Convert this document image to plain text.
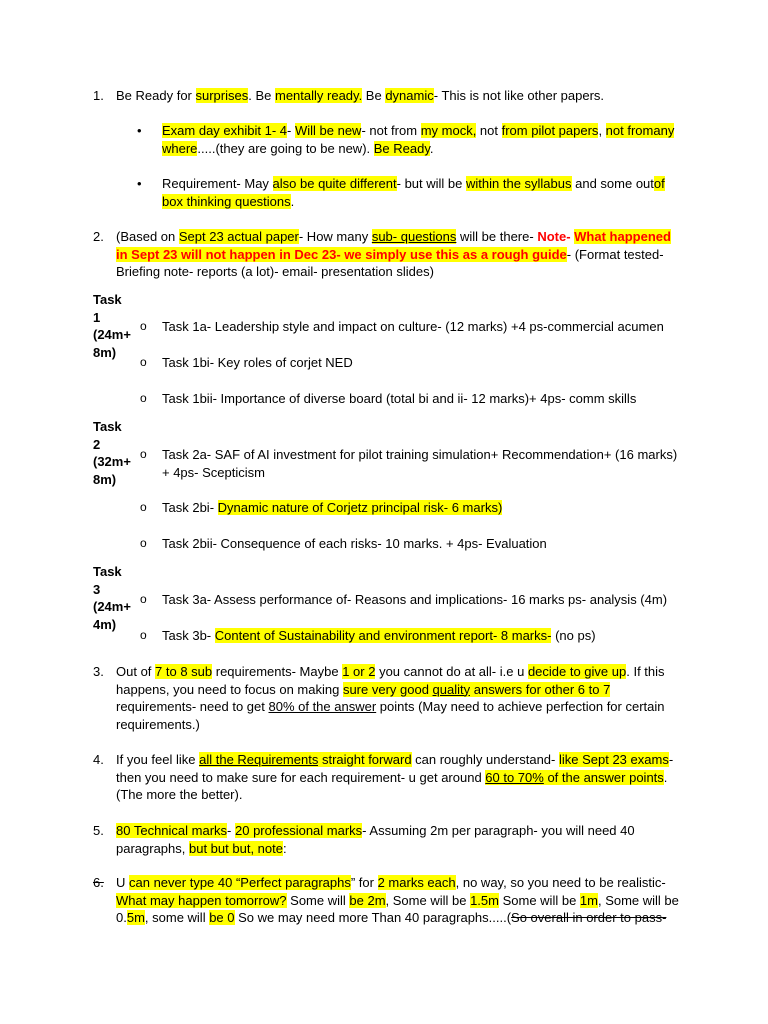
1. Be Ready for surprises. Be mentally ready. Be dynamic- This is not like other papers.
• Exam day exhibit 1- 4- Will be new- not from my mock, not from pilot papers, not fromany where.....(they are going to be new). Be Ready.
• Requirement- May also be quite different- but will be within the syllabus and some outof box thinking questions.
2. (Based on Sept 23 actual paper- How many sub- questions will be there- Note- What happened in Sept 23 will not happen in Dec 23- we simply use this as a rough guide- (Format tested- Briefing note- reports (a lot)- email- presentation slides)
Task 1 (24m+ 8m)
o Task 1a- Leadership style and impact on culture- (12 marks) +4 ps-commercial acumen
o Task 1bi- Key roles of corjet NED
o Task 1bii- Importance of diverse board (total bi and ii- 12 marks)+ 4ps- comm skills
Task 2 (32m+ 8m)
o Task 2a- SAF of AI investment for pilot training simulation+ Recommendation+ (16 marks) + 4ps- Scepticism
o Task 2bi- Dynamic nature of Corjetz principal risk- 6 marks)
o Task 2bii- Consequence of each risks- 10 marks. + 4ps- Evaluation
Task 3 (24m+ 4m)
o Task 3a- Assess performance of- Reasons and implications- 16 marks ps- analysis (4m)
o Task 3b- Content of Sustainability and environment report- 8 marks- (no ps)
3. Out of 7 to 8 sub requirements- Maybe 1 or 2 you cannot do at all- i.e u decide to give up. If this happens, you need to focus on making sure very good quality answers for other 6 to 7 requirements- need to get 80% of the answer points (May need to achieve perfection for certain requirements.)
4. If you feel like all the Requirements straight forward can roughly understand- like Sept 23 exams- then you need to make sure for each requirement- u get around 60 to 70% of the answer points. (The more the better).
5. 80 Technical marks- 20 professional marks- Assuming 2m per paragraph- you will need 40 paragraphs, but but but, note:
6. U can never type 40 “Perfect paragraphs” for 2 marks each, no way, so you need to be realistic- What may happen tomorrow? Some will be 2m, Some will be 1.5m Some will be 1m, Some will be 0.5m, some will be 0 So we may need more Than 40 paragraphs.....(So overall in order to pass-
